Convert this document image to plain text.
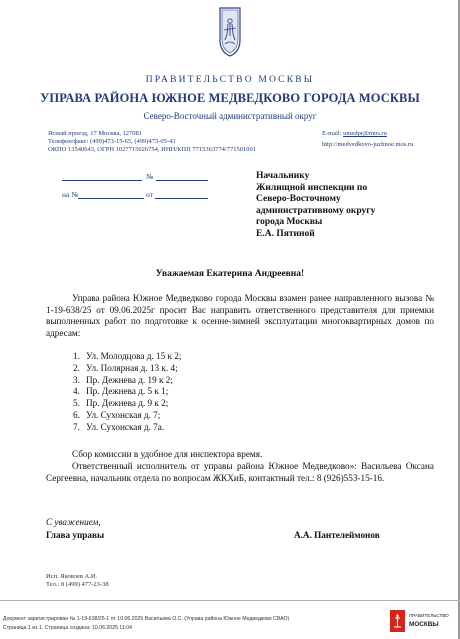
ПРАВИТЕЛЬСТВО МОСКВЫ
УПРАВА РАЙОНА ЮЖНОЕ МЕДВЕДКОВО ГОРОДА МОСКВЫ
Северо-Восточный административный округ
Ясный проезд, 17 Москва, 127081
Телефон/факс: (499)473-15-65, (499)473-05-43
ОКПО 13540643, ОГРН 1027715026754, ИНН/КПП 7715363774/771501001
E-mail: umedpr@mos.ru
http://medvedkovo-juzhnoe.mos.ru
№
на №	от
Начальнику
Жилищной инспекции по
Северо-Восточному
административному округу
города Москвы
Е.А. Пятиной
Уважаемая Екатерина Андреевна!
Управа района Южное Медведково города Москвы взамен ранее направленного вызова № 1-19-638/25 от 09.06.2025г просит Вас направить ответственного представителя для приемки выполненных работ по подготовке к осенне-зимней эксплуатации многоквартирных домов по адресам:
1. Ул. Молодцова д. 15 к 2;
2. Ул. Полярная д. 13 к. 4;
3. Пр. Дежнева д. 19 к 2;
4. Пр. Дежнева д. 5 к 1;
5. Пр. Дежнева д. 9 к 2;
6. Ул. Сухонская д. 7;
7. Ул. Сухонская д. 7а.
Сбор комиссии в удобное для инспектора время.
Ответственный исполнитель от управы района Южное Медведково»: Васильева Оксана Сергеевна, начальник отдела по вопросам ЖКХиБ, контактный тел.: 8 (926)553-15-16.
С уважением,
Глава управы	А.А. Пантелеймонов
Исп. Яковлев А.И.
Тел.: 8 (499) 477-23-38
Документ зарегистрирован № 1-19-638/25-1 от 10.06.2025 Васильева О.С. (Управа района Южное Медведково СВАО)
Страница 1 из 1. Страница создана: 10.06.2025 11:04
ПРАВИТЕЛЬСТВО
МОСКВЫ
